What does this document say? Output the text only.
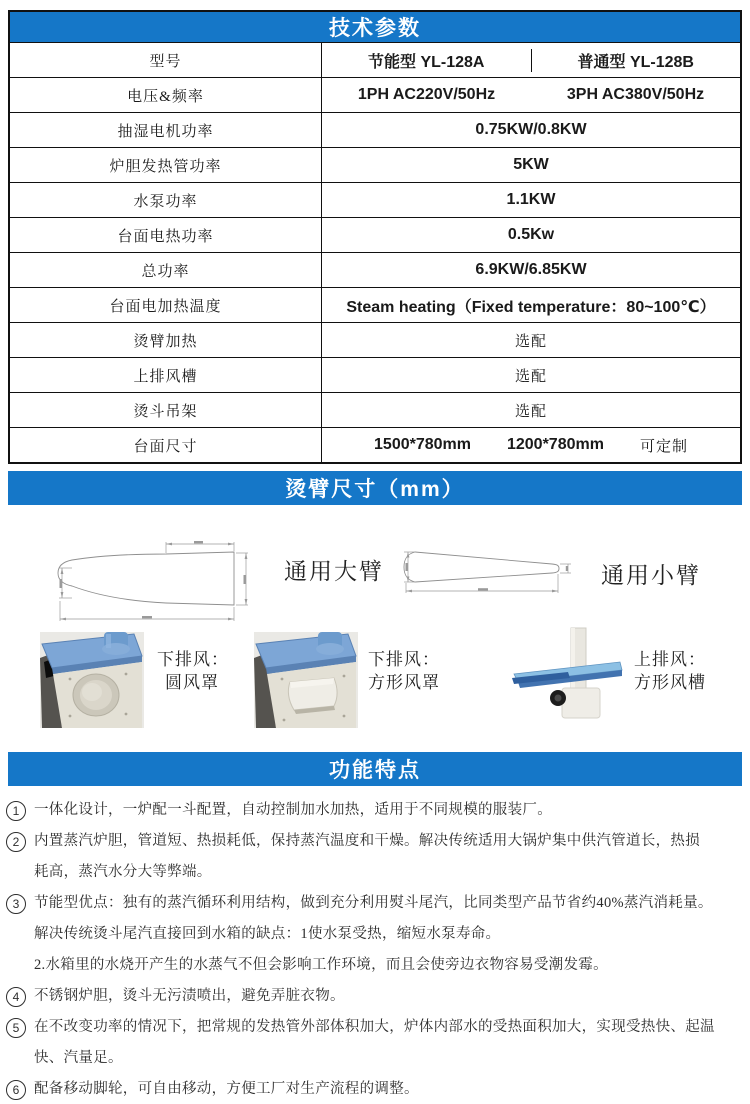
技术参数
型号	节能型 YL-128A	普通型 YL-128B
电压&频率	1PH AC220V/50Hz	3PH AC380V/50Hz
抽湿电机功率	0.75KW/0.8KW
炉胆发热管功率	5KW
水泵功率	1.1KW
台面电热功率	0.5Kw
总功率	6.9KW/6.85KW
台面电加热温度	Steam heating（Fixed temperature：80~100℃）
烫臂加热	选配
上排风槽	选配
烫斗吊架	选配
台面尺寸	1500*780mm 1200*780mm 可定制
烫臂尺寸（mm）
通用大臂	通用小臂
下排风：
圆风罩
下排风：
方形风罩
上排风：
方形风槽
功能特点
1	一体化设计，一炉配一斗配置，自动控制加水加热，适用于不同规模的服装厂。
2	内置蒸汽炉胆，管道短、热损耗低，保持蒸汽温度和干燥。解决传统适用大锅炉集中供汽管道长，热损
耗高，蒸汽水分大等弊端。
3	节能型优点：独有的蒸汽循环利用结构，做到充分利用熨斗尾汽，比同类型产品节省约40%蒸汽消耗量。
解决传统烫斗尾汽直接回到水箱的缺点：1使水泵受热，缩短水泵寿命。
2.水箱里的水烧开产生的水蒸气不但会影响工作环境，而且会使旁边衣物容易受潮发霉。
4	不锈钢炉胆，烫斗无污渍喷出，避免弄脏衣物。
5	在不改变功率的情况下，把常规的发热管外部体积加大，炉体内部水的受热面积加大，实现受热快、起温
快、汽量足。
6	配备移动脚轮，可自由移动，方便工厂对生产流程的调整。
